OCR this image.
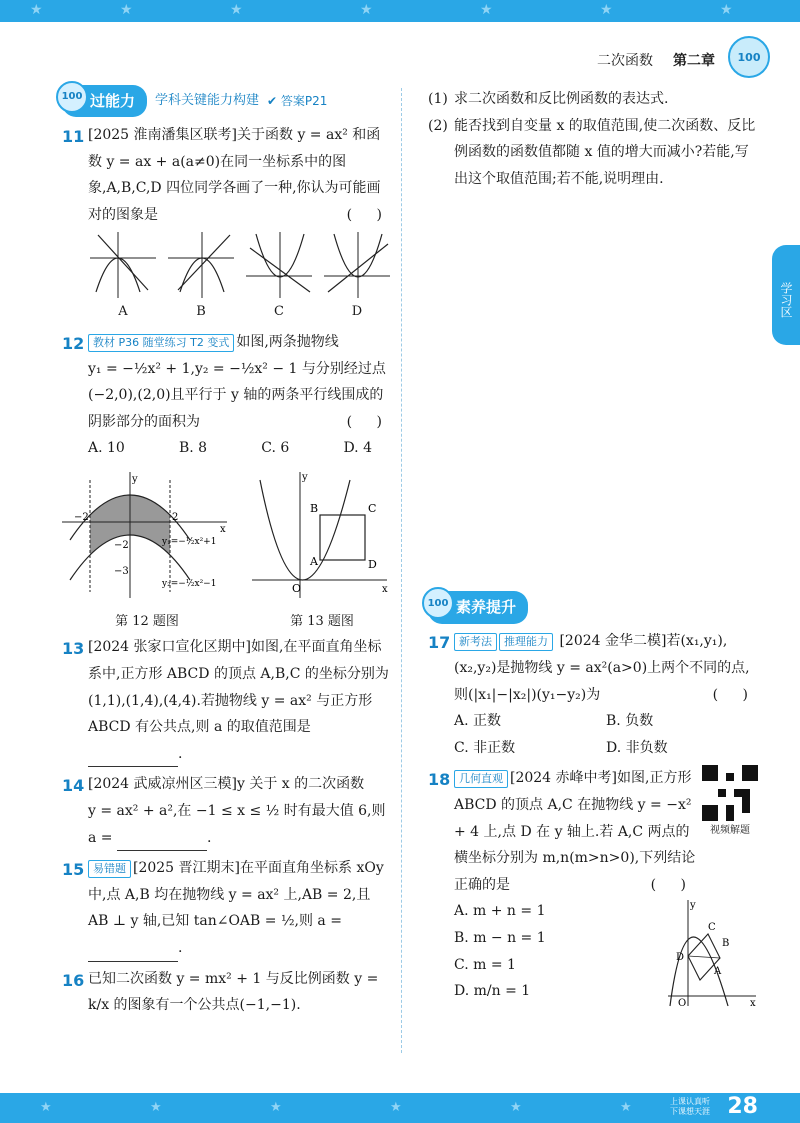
★	★	★	★	★	★	★
二次函数 第二章	100
学习区
100 过能力	学科关键能力构建 ✔ 答案P21
11 [2025 淮南潘集区联考]关于函数 y = ax² 和函数 y = ax + a(a≠0)在同一坐标系中的图象,A,B,C,D 四位同学各画了一种,你认为可能画对的图象是	( )
A	B	C	D
12 教材 P36 随堂练习 T2 变式 如图,两条抛物线
y₁ = −½x² + 1,y₂ = −½x² − 1 与分别经过点
(−2,0),(2,0)且平行于 y 轴的两条平行线围成的阴影部分的面积为	( )
A. 10	B. 8	C. 6	D. 4
−2	2
y
x
−2
−3
y₁=−½x²+1
y₂=−½x²−1
第 12 题图
B	C
A	D
O
y
x
第 13 题图
13 [2024 张家口宣化区期中]如图,在平面直角坐标系中,正方形 ABCD 的顶点 A,B,C 的坐标分别为(1,1),(1,4),(4,4).若抛物线 y = ax² 与正方形 ABCD 有公共点,则 a 的取值范围是.
14 [2024 武威凉州区三模]y 关于 x 的二次函数
y = ax² + a²,在 −1 ≤ x ≤ ½ 时有最大值 6,则
a =	.
15 易错题 [2025 晋江期末]在平面直角坐标系 xOy 中,点 A,B 均在抛物线 y = ax² 上,AB = 2,且 AB ⊥ y 轴,已知 tan∠OAB = ½,则 a =.
16 已知二次函数 y = mx² + 1 与反比例函数 y = k/x 的图象有一个公共点(−1,−1).
(1) 求二次函数和反比例函数的表达式.
(2) 能否找到自变量 x 的取值范围,使二次函数、反比例函数的函数值都随 x 值的增大而减小?若能,写出这个取值范围;若不能,说明理由.
100 素养提升
17 新考法 推理能力 [2024 金华二模]若(x₁,y₁),(x₂,y₂)是抛物线 y = ax²(a>0)上两个不同的点,则(|x₁|−|x₂|)(y₁−y₂)为	( )
A. 正数	B. 负数
C. 非正数	D. 非负数
18 几何直观 [2024 赤峰中考]如图,正方形 ABCD 的顶点 A,C 在抛物线 y = −x² + 4 上,点 D 在 y 轴上.若 A,C 两点的横坐标分别为 m,n(m>n>0),下列结论正确的是	( )
视频解题
A. m + n = 1
B. m − n = 1
C. m = 1
D. m/n = 1
C
B
D
A
O
y
x
★	★	★	★	★	★	上课认真听
下课想天涯 28
